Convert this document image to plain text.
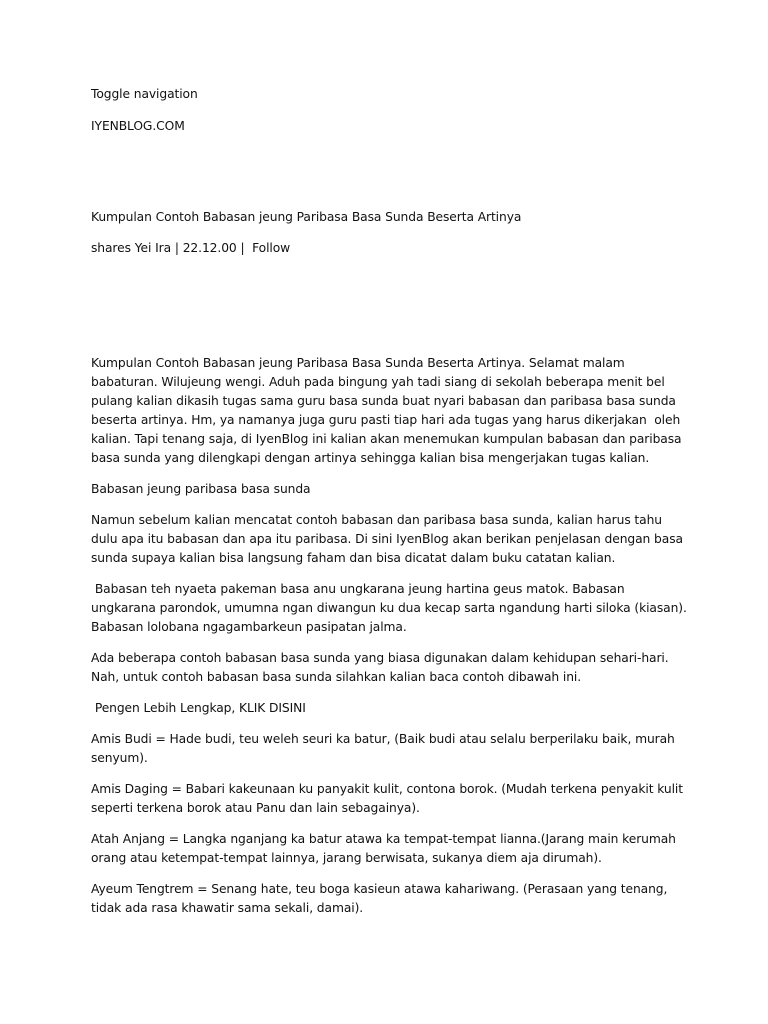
Toggle navigation

IYENBLOG.COM

Kumpulan Contoh Babasan jeung Paribasa Basa Sunda Beserta Artinya

shares Yei Ira | 22.12.00 | Follow

Kumpulan Contoh Babasan jeung Paribasa Basa Sunda Beserta Artinya. Selamat malam babaturan. Wilujeung wengi. Aduh pada bingung yah tadi siang di sekolah beberapa menit bel pulang kalian dikasih tugas sama guru basa sunda buat nyari babasan dan paribasa basa sunda beserta artinya. Hm, ya namanya juga guru pasti tiap hari ada tugas yang harus dikerjakan  oleh kalian. Tapi tenang saja, di IyenBlog ini kalian akan menemukan kumpulan babasan dan paribasa basa sunda yang dilengkapi dengan artinya sehingga kalian bisa mengerjakan tugas kalian.

Babasan jeung paribasa basa sunda

Namun sebelum kalian mencatat contoh babasan dan paribasa basa sunda, kalian harus tahu dulu apa itu babasan dan apa itu paribasa. Di sini IyenBlog akan berikan penjelasan dengan basa sunda supaya kalian bisa langsung faham dan bisa dicatat dalam buku catatan kalian.

Babasan teh nyaeta pakeman basa anu ungkarana jeung hartina geus matok. Babasan ungkarana parondok, umumna ngan diwangun ku dua kecap sarta ngandung harti siloka (kiasan). Babasan lolobana ngagambarkeun pasipatan jalma.

Ada beberapa contoh babasan basa sunda yang biasa digunakan dalam kehidupan sehari-hari. Nah, untuk contoh babasan basa sunda silahkan kalian baca contoh dibawah ini.

Pengen Lebih Lengkap, KLIK DISINI

Amis Budi = Hade budi, teu weleh seuri ka batur, (Baik budi atau selalu berperilaku baik, murah senyum).

Amis Daging = Babari kakeunaan ku panyakit kulit, contona borok. (Mudah terkena penyakit kulit seperti terkena borok atau Panu dan lain sebagainya).

Atah Anjang = Langka nganjang ka batur atawa ka tempat-tempat lianna.(Jarang main kerumah orang atau ketempat-tempat lainnya, jarang berwisata, sukanya diem aja dirumah).

Ayeum Tengtrem = Senang hate, teu boga kasieun atawa kahariwang. (Perasaan yang tenang, tidak ada rasa khawatir sama sekali, damai).
